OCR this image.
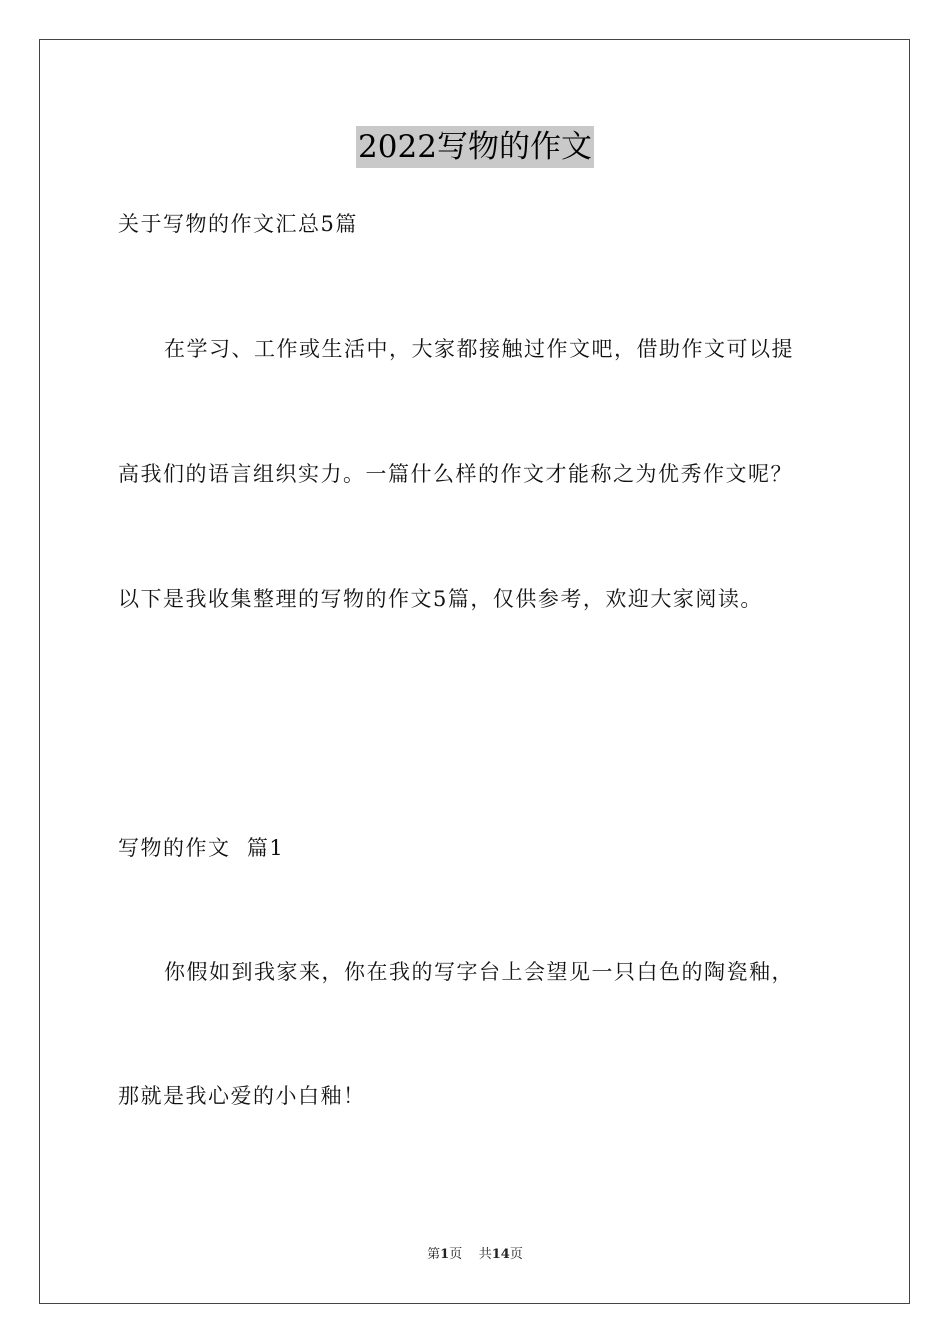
2022写物的作文
关于写物的作文汇总5篇
在学习、工作或生活中，大家都接触过作文吧，借助作文可以提
高我们的语言组织实力。一篇什么样的作文才能称之为优秀作文呢？
以下是我收集整理的写物的作文5篇，仅供参考，欢迎大家阅读。
写物的作文  篇1
你假如到我家来，你在我的写字台上会望见一只白色的陶瓷釉，
那就是我心爱的小白釉！
第1页    共14页
